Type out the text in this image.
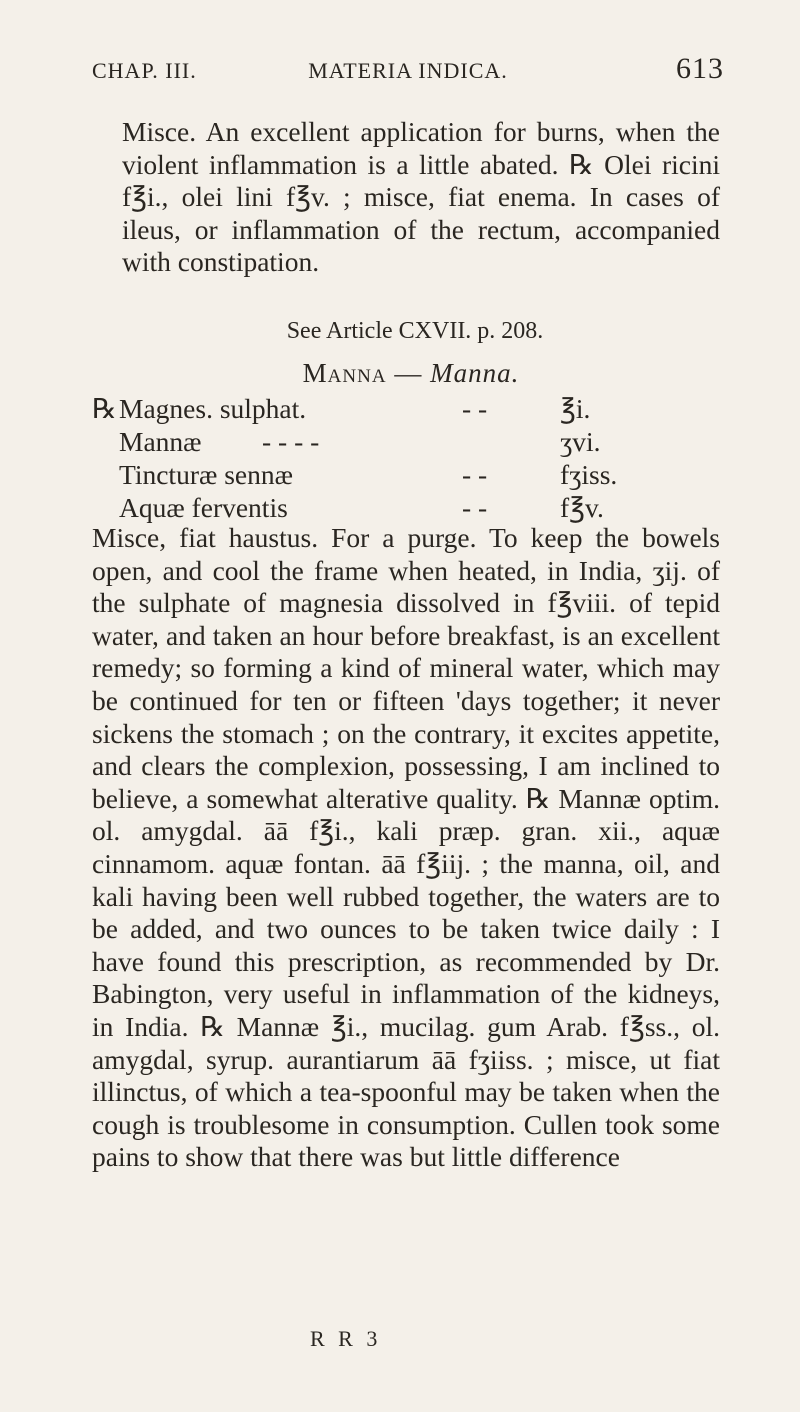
CHAP. III.	MATERIA INDICA.	613
Misce. An excellent application for burns, when the violent inflammation is a little abated. ℞ Olei ricini f℥i., olei lini f℥v. ; misce, fiat enema. In cases of ileus, or inflammation of the rectum, accompanied with constipation.
See Article CXVII. p. 208.
Manna — Manna.
℞ Magnes. sulphat.	- -	℥i.
Mannæ - - - -	ʒvi.
Tincturæ sennæ	- -	fʒiss.
Aquæ ferventis	- -	f℥v.
Misce, fiat haustus. For a purge. To keep the bowels open, and cool the frame when heated, in India, ʒij. of the sulphate of magnesia dissolved in f℥viii. of tepid water, and taken an hour before breakfast, is an excellent remedy; so forming a kind of mineral water, which may be continued for ten or fifteen 'days together; it never sickens the stomach ; on the contrary, it excites appetite, and clears the complexion, possessing, I am inclined to believe, a somewhat alterative quality. ℞ Mannæ optim. ol. amygdal. āā f℥i., kali præp. gran. xii., aquæ cinnamom. aquæ fontan. āā f℥iij. ; the manna, oil, and kali having been well rubbed together, the waters are to be added, and two ounces to be taken twice daily : I have found this prescription, as recommended by Dr. Babington, very useful in inflammation of the kidneys, in India. ℞ Mannæ ℥i., mucilag. gum Arab. f℥ss., ol. amygdal, syrup. aurantiarum āā fʒiiss. ; misce, ut fiat illinctus, of which a tea-spoonful may be taken when the cough is troublesome in consumption. Cullen took some pains to show that there was but little difference
R R 3
